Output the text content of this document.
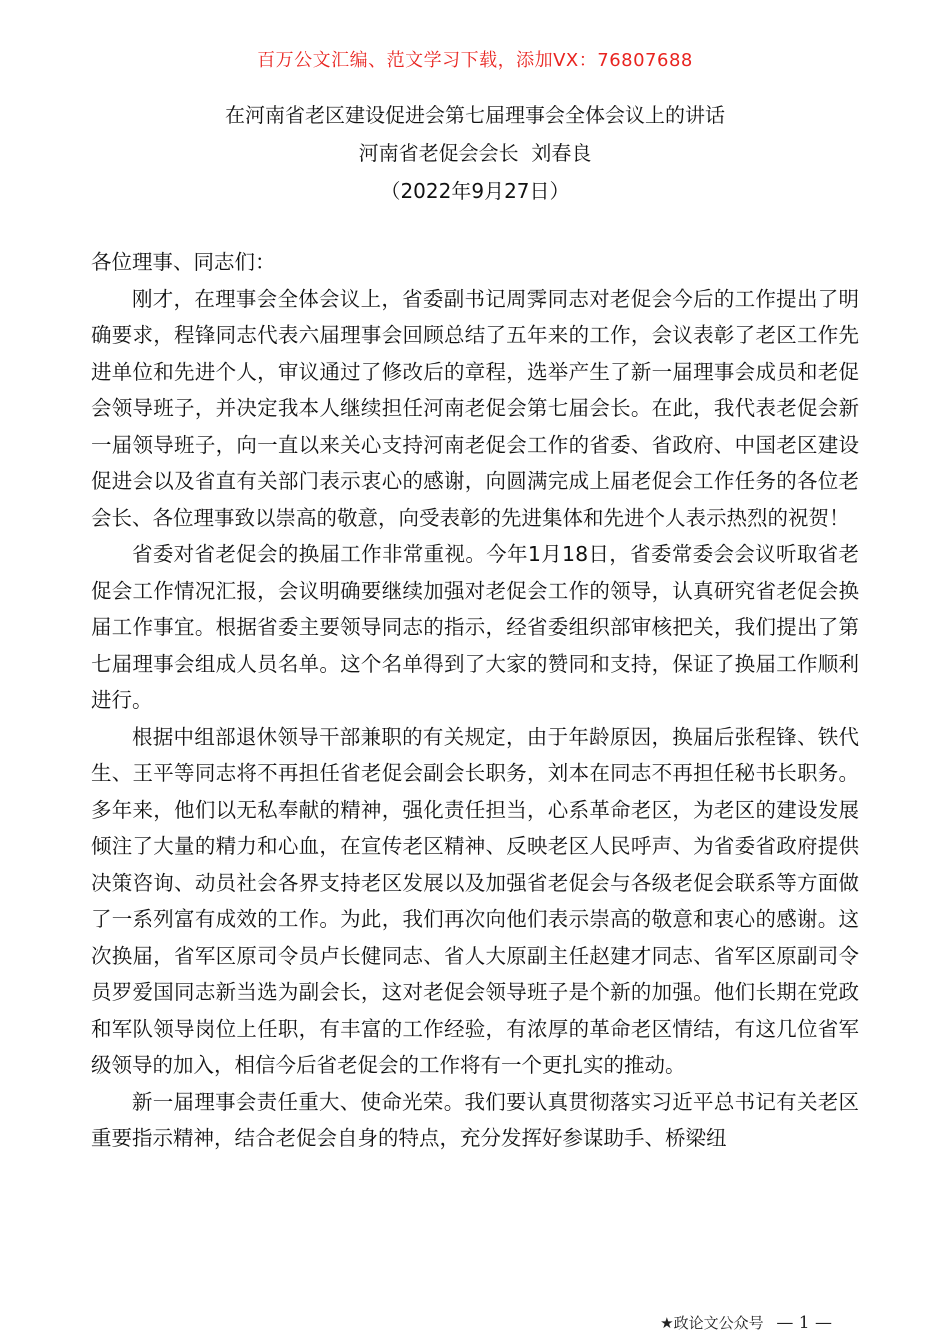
百万公文汇编、范文学习下载，添加VX：76807688
在河南省老区建设促进会第七届理事会全体会议上的讲话
河南省老促会会长  刘春良
（2022年9月27日）

各位理事、同志们：

刚才，在理事会全体会议上，省委副书记周霁同志对老促会今后的工作提出了明确要求，程锋同志代表六届理事会回顾总结了五年来的工作，会议表彰了老区工作先进单位和先进个人，审议通过了修改后的章程，选举产生了新一届理事会成员和老促会领导班子，并决定我本人继续担任河南老促会第七届会长。在此，我代表老促会新一届领导班子，向一直以来关心支持河南老促会工作的省委、省政府、中国老区建设促进会以及省直有关部门表示衷心的感谢，向圆满完成上届老促会工作任务的各位老会长、各位理事致以崇高的敬意，向受表彰的先进集体和先进个人表示热烈的祝贺！

省委对省老促会的换届工作非常重视。今年1月18日，省委常委会会议听取省老促会工作情况汇报，会议明确要继续加强对老促会工作的领导，认真研究省老促会换届工作事宜。根据省委主要领导同志的指示，经省委组织部审核把关，我们提出了第七届理事会组成人员名单。这个名单得到了大家的赞同和支持，保证了换届工作顺利进行。

根据中组部退休领导干部兼职的有关规定，由于年龄原因，换届后张程锋、铁代生、王平等同志将不再担任省老促会副会长职务，刘本在同志不再担任秘书长职务。多年来，他们以无私奉献的精神，强化责任担当，心系革命老区，为老区的建设发展倾注了大量的精力和心血，在宣传老区精神、反映老区人民呼声、为省委省政府提供决策咨询、动员社会各界支持老区发展以及加强省老促会与各级老促会联系等方面做了一系列富有成效的工作。为此，我们再次向他们表示崇高的敬意和衷心的感谢。这次换届，省军区原司令员卢长健同志、省人大原副主任赵建才同志、省军区原副司令员罗爱国同志新当选为副会长，这对老促会领导班子是个新的加强。他们长期在党政和军队领导岗位上任职，有丰富的工作经验，有浓厚的革命老区情结，有这几位省军级领导的加入，相信今后省老促会的工作将有一个更扎实的推动。

新一届理事会责任重大、使命光荣。我们要认真贯彻落实习近平总书记有关老区重要指示精神，结合老促会自身的特点，充分发挥好参谋助手、桥梁纽

★政论文公众号 — 1 —
